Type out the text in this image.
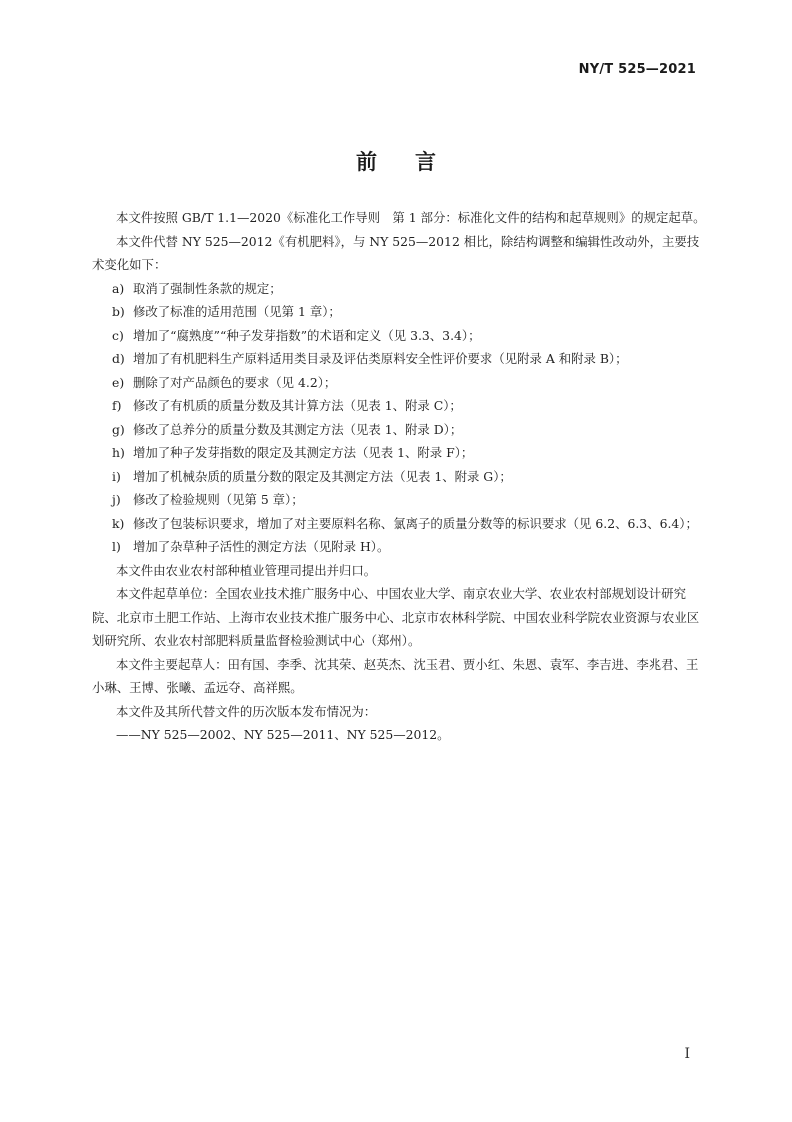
NY/T 525—2021
前言

本文件按照 GB/T 1.1—2020《标准化工作导则　第 1 部分：标准化文件的结构和起草规则》的规定起草。

本文件代替 NY 525—2012《有机肥料》，与 NY 525—2012 相比，除结构调整和编辑性改动外，主要技术变化如下：

a) 取消了强制性条款的规定；
b) 修改了标准的适用范围（见第 1 章）；
c) 增加了“腐熟度”“种子发芽指数”的术语和定义（见 3.3、3.4）；
d) 增加了有机肥料生产原料适用类目录及评估类原料安全性评价要求（见附录 A 和附录 B）；
e) 删除了对产品颜色的要求（见 4.2）；
f) 修改了有机质的质量分数及其计算方法（见表 1、附录 C）；
g) 修改了总养分的质量分数及其测定方法（见表 1、附录 D）；
h) 增加了种子发芽指数的限定及其测定方法（见表 1、附录 F）；
i) 增加了机械杂质的质量分数的限定及其测定方法（见表 1、附录 G）；
j) 修改了检验规则（见第 5 章）；
k) 修改了包装标识要求，增加了对主要原料名称、氯离子的质量分数等的标识要求（见 6.2、6.3、6.4）；
l) 增加了杂草种子活性的测定方法（见附录 H）。

本文件由农业农村部种植业管理司提出并归口。

本文件起草单位：全国农业技术推广服务中心、中国农业大学、南京农业大学、农业农村部规划设计研究院、北京市土肥工作站、上海市农业技术推广服务中心、北京市农林科学院、中国农业科学院农业资源与农业区划研究所、农业农村部肥料质量监督检验测试中心（郑州）。

本文件主要起草人：田有国、李季、沈其荣、赵英杰、沈玉君、贾小红、朱恩、袁军、李吉进、李兆君、王小琳、王博、张曦、孟远夺、高祥熙。

本文件及其所代替文件的历次版本发布情况为：

——NY 525—2002、NY 525—2011、NY 525—2012。
I
